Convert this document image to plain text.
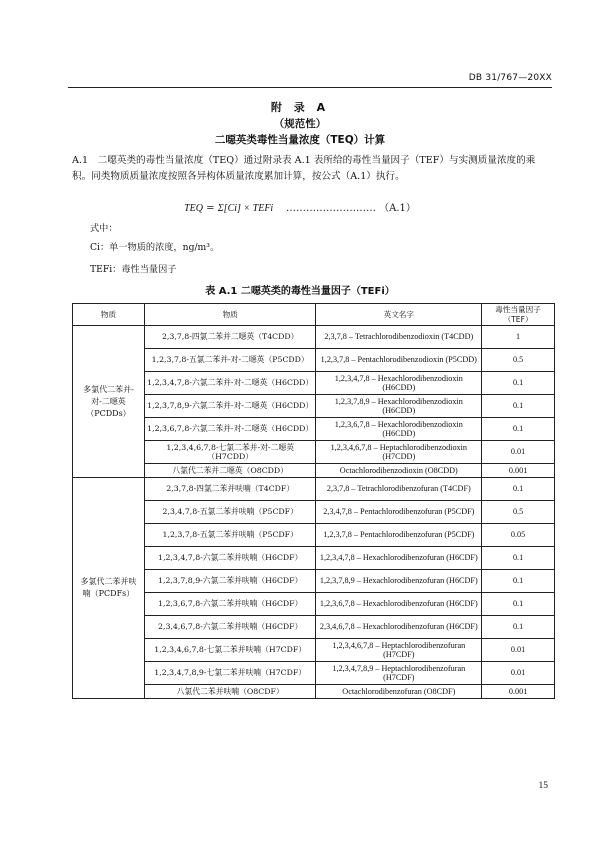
DB 31/767—20XX
附 录 A
（规范性）
二噁英类毒性当量浓度（TEQ）计算
A.1　二噁英类的毒性当量浓度（TEQ）通过附录表 A.1 表所给的毒性当量因子（TEF）与实测质量浓度的乘积。同类物质质量浓度按照各异构体质量浓度累加计算，按公式（A.1）执行。
TEQ = Σ[Ci] × TEFi ……………………… （A.1）
式中：
Ci：单一物质的浓度，ng/m³。
TEFi：毒性当量因子
表 A.1 二噁英类的毒性当量因子（TEFi）
物质	物质	英文名字	毒性当量因子（TEF）
多氯代二苯并-对-二噁英（PCDDs）	2,3,7,8-四氯二苯并二噁英（T4CDD）	2,3,7,8 – Tetrachlorodibenzodioxin (T4CDD)	1
	1,2,3,7,8-五氯二苯并-对-二噁英（P5CDD）	1,2,3,7,8 – Pentachlorodibenzodioxin (P5CDD)	0.5
	1,2,3,4,7,8-六氯二苯并-对-二噁英（H6CDD）	1,2,3,4,7,8 – Hexachlorodibenzodioxin (H6CDD)	0.1
	1,2,3,7,8,9-六氯二苯并-对-二噁英（H6CDD）	1,2,3,7,8,9 – Hexachlorodibenzodioxin (H6CDD)	0.1
	1,2,3,6,7,8-六氯二苯并-对-二噁英（H6CDD）	1,2,3,6,7,8 – Hexachlorodibenzodioxin (H6CDD)	0.1
	1,2,3,4,6,7,8-七氯二苯并-对-二噁英（H7CDD）	1,2,3,4,6,7,8 – Heptachlorodibenzodioxin (H7CDD)	0.01
	八氯代二苯并二噁英（O8CDD）	Octachlorodibenzodioxin (O8CDD)	0.001
多氯代二苯并呋喃（PCDFs）	2,3,7,8-四氯二苯并呋喃（T4CDF）	2,3,7,8 – Tetrachlorodibenzofuran (T4CDF)	0.1
	2,3,4,7,8-五氯二苯并呋喃（P5CDF）	2,3,4,7,8 – Pentachlorodibenzofuran (P5CDF)	0.5
	1,2,3,7,8-五氯二苯并呋喃（P5CDF）	1,2,3,7,8 – Pentachlorodibenzofuran (P5CDF)	0.05
	1,2,3,4,7,8-六氯二苯并呋喃（H6CDF）	1,2,3,4,7,8 – Hexachlorodibenzofuran (H6CDF)	0.1
	1,2,3,7,8,9-六氯二苯并呋喃（H6CDF）	1,2,3,7,8,9 – Hexachlorodibenzofuran (H6CDF)	0.1
	1,2,3,6,7,8-六氯二苯并呋喃（H6CDF）	1,2,3,6,7,8 – Hexachlorodibenzofuran (H6CDF)	0.1
	2,3,4,6,7,8-六氯二苯并呋喃（H6CDF）	2,3,4,6,7,8 – Hexachlorodibenzofuran (H6CDF)	0.1
	1,2,3,4,6,7,8-七氯二苯并呋喃（H7CDF）	1,2,3,4,6,7,8 – Heptachlorodibenzofuran (H7CDF)	0.01
	1,2,3,4,7,8,9-七氯二苯并呋喃（H7CDF）	1,2,3,4,7,8,9 – Heptachlorodibenzofuran (H7CDF)	0.01
	八氯代二苯并呋喃（O8CDF）	Octachlorodibenzofuran (O8CDF)	0.001
15
